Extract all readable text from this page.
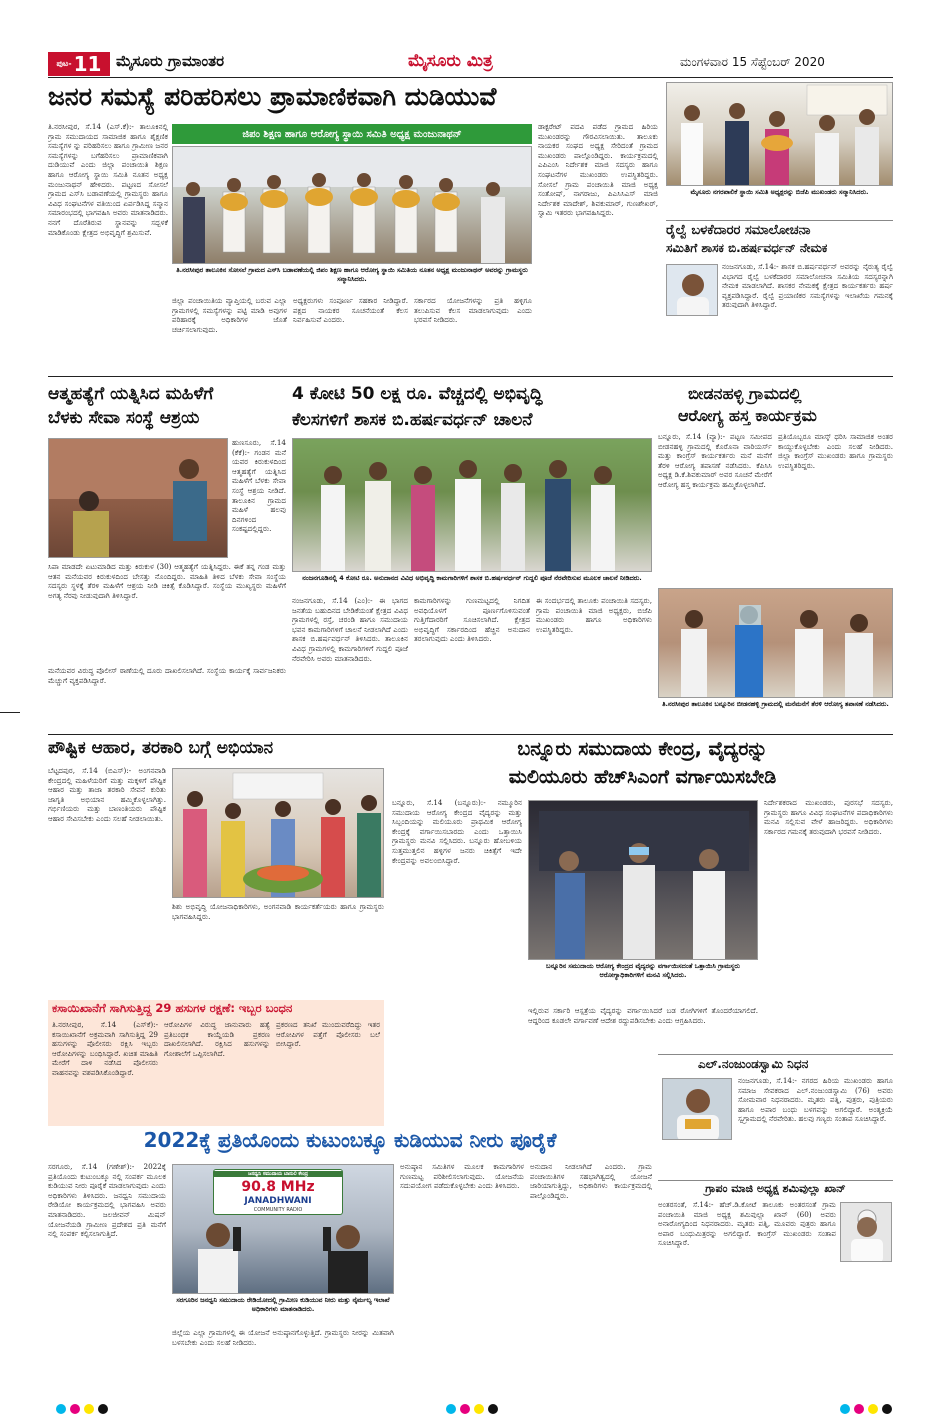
ಪುಟ- 11 ಮೈಸೂರು ಗ್ರಾಮಾಂತರ	ಮೈಸೂರು ಮಿತ್ರ	ಮಂಗಳವಾರ 15 ಸೆಪ್ಟೆಂಬರ್ 2020
ಜನರ ಸಮಸ್ಯೆ ಪರಿಹರಿಸಲು ಪ್ರಾಮಾಣಿಕವಾಗಿ ದುಡಿಯುವೆ
ತಿ.ನರಸೀಪುರ, ಸೆ.14 (ಎಸ್‌.ಕೆ):- ತಾಲೂಕಿನಲ್ಲಿ ಗ್ರಾಮ ಸಮುದಾಯದ ಸಾಮಾಜಿಕ ಹಾಗೂ ಶೈಕ್ಷಣಿಕ ಸಮಸ್ಯೆಗಳ ನ್ನು ಪರಿಹರಿಸಲು ಹಾಗೂ ಗ್ರಾಮೀಣ ಜನರ ಸಮಸ್ಯೆಗಳನ್ನು ಬಗೆಹರಿಸಲು ಪ್ರಾಮಾಣಿಕವಾಗಿ ದುಡಿಯುವೆ ಎಂದು ಜಿಲ್ಲಾ ಪಂಚಾಯಿತಿ ಶಿಕ್ಷಣ ಹಾಗೂ ಆರೋಗ್ಯ ಸ್ಥಾಯಿ ಸಮಿತಿ ನೂತನ ಅಧ್ಯಕ್ಷ ಮಂಜುನಾಥನ್ ಹೇಳಿದರು. ಪಟ್ಟಣದ ಸೋಸಲೆ ಗ್ರಾಮದ ಎಸ್‌ಸಿ ಬಡಾವಣೆಯಲ್ಲಿ ಗ್ರಾಮಸ್ಥರು ಹಾಗೂ ವಿವಿಧ ಸಂಘಟನೆಗಳ ವತಿಯಿಂದ ಏರ್ಪಡಿಸಿದ್ದ ಸನ್ಮಾನ ಸಮಾರಂಭದಲ್ಲಿ ಭಾಗವಹಿಸಿ ಅವರು ಮಾತನಾಡಿದರು. ನನಗೆ ದೊರೆತಿರುವ ಸ್ಥಾನವನ್ನು ಸದ್ಬಳಕೆ ಮಾಡಿಕೊಂಡು ಕ್ಷೇತ್ರದ ಅಭಿವೃದ್ಧಿಗೆ ಶ್ರಮಿಸುವೆ.
ಜಿಪಂ ಶಿಕ್ಷಣ ಹಾಗೂ ಆರೋಗ್ಯ ಸ್ಥಾಯಿ ಸಮಿತಿ ಅಧ್ಯಕ್ಷ ಮಂಜುನಾಥನ್
ತಿ.ನರಸೀಪುರ ತಾಲೂಕಿನ ಸೋಸಲೆ ಗ್ರಾಮದ ಎಸ್‌ಸಿ ಬಡಾವಣೆಯಲ್ಲಿ ಜಿಪಂ ಶಿಕ್ಷಣ ಹಾಗೂ ಆರೋಗ್ಯ ಸ್ಥಾಯಿ ಸಮಿತಿಯ ನೂತನ ಅಧ್ಯಕ್ಷ ಮಂಜುನಾಥನ್ ಅವರನ್ನು ಗ್ರಾಮಸ್ಥರು ಸನ್ಮಾನಿಸಿದರು.
ಜಿಲ್ಲಾ ಪಂಚಾಯಿತಿಯ ವ್ಯಾಪ್ತಿಯಲ್ಲಿ ಬರುವ ಎಲ್ಲಾ ಗ್ರಾಮಗಳಲ್ಲಿ ಸಮಸ್ಯೆಗಳನ್ನು ಪಟ್ಟಿ ಮಾಡಿ ಅವುಗಳ ಪರಿಹಾರಕ್ಕೆ ಅಧಿಕಾರಿಗಳ ಜೊತೆ ಚರ್ಚಿಸಲಾಗುವುದು.
ಅಧ್ಯಕ್ಷರುಗಳು ಸಂಪೂರ್ಣ ಸಹಕಾರ ನೀಡಿದ್ದಾರೆ. ಪಕ್ಷದ ನಾಯಕರ ಸೂಚನೆಯಂತೆ ಕೆಲಸ ನಿರ್ವಹಿಸುವೆ ಎಂದರು.
ಸರ್ಕಾರದ ಯೋಜನೆಗಳನ್ನು ಪ್ರತಿ ಹಳ್ಳಿಗೂ ತಲುಪಿಸುವ ಕೆಲಸ ಮಾಡಲಾಗುವುದು ಎಂದು ಭರವಸೆ ನೀಡಿದರು.
ಡಾಕ್ಟರೇಟ್ ಪದವಿ ಪಡೆದ ಗ್ರಾಮದ ಹಿರಿಯ ಮುಖಂಡರನ್ನು ಗೌರವಿಸಲಾಯಿತು. ತಾಲೂಕು ನಾಯಕರ ಸಂಘದ ಅಧ್ಯಕ್ಷ ಸೇರಿದಂತೆ ಗ್ರಾಮದ ಮುಖಂಡರು ಪಾಲ್ಗೊಂಡಿದ್ದರು. ಕಾರ್ಯಕ್ರಮದಲ್ಲಿ ಎಪಿಎಂಸಿ ನಿರ್ದೇಶಕ ಮಾಜಿ ಸದಸ್ಯರು ಹಾಗೂ ಸಂಘಟನೆಗಳ ಮುಖಂಡರು ಉಪಸ್ಥಿತರಿದ್ದರು. ಸೋಸಲೆ ಗ್ರಾಮ ಪಂಚಾಯಿತಿ ಮಾಜಿ ಅಧ್ಯಕ್ಷ ಸಂತೋಷ್, ನಾಗರಾಜು, ಪಿಎಸಿಸಿಎಸ್ ಮಾಜಿ ನಿರ್ದೇಶಕ ಮಾದೇಶ್, ಶಿವಕುಮಾರ್, ಗುಣಶೇಖರ್, ಸ್ವಾಮಿ ಇತರರು ಭಾಗವಹಿಸಿದ್ದರು.
ಮೈಸೂರು ನಗರಪಾಲಿಕೆ ಸ್ಥಾಯಿ ಸಮಿತಿ ಅಧ್ಯಕ್ಷರನ್ನು ಬಿಜೆಪಿ ಮುಖಂಡರು ಸನ್ಮಾನಿಸಿದರು.
ರೈಲ್ವೆ ಬಳಕೆದಾರರ ಸಮಾಲೋಚನಾ
ಸಮಿತಿಗೆ ಶಾಸಕ ಬಿ.ಹರ್ಷವರ್ಧನ್ ನೇಮಕ
ನಂಜನಗೂಡು, ಸೆ.14:- ಶಾಸಕ ಬಿ.ಹರ್ಷವರ್ಧನ್ ಅವರನ್ನು ನೈರುತ್ಯ ರೈಲ್ವೆ ವಿಭಾಗದ ರೈಲ್ವೆ ಬಳಕೆದಾರರ ಸಮಾಲೋಚನಾ ಸಮಿತಿಯ ಸದಸ್ಯರನ್ನಾಗಿ ನೇಮಕ ಮಾಡಲಾಗಿದೆ. ಶಾಸಕರ ನೇಮಕಕ್ಕೆ ಕ್ಷೇತ್ರದ ಕಾರ್ಯಕರ್ತರು ಹರ್ಷ ವ್ಯಕ್ತಪಡಿಸಿದ್ದಾರೆ. ರೈಲ್ವೆ ಪ್ರಯಾಣಿಕರ ಸಮಸ್ಯೆಗಳನ್ನು ಇಲಾಖೆಯ ಗಮನಕ್ಕೆ ತರುವುದಾಗಿ ತಿಳಿಸಿದ್ದಾರೆ.
ಆತ್ಮಹತ್ಯೆಗೆ ಯತ್ನಿಸಿದ ಮಹಿಳೆಗೆ
ಬೆಳಕು ಸೇವಾ ಸಂಸ್ಥೆ ಆಶ್ರಯ
ಹುಣಸೂರು, ಸೆ.14 (ಕೆಕೆ):- ಗಂಡನ ಮನೆ ಯವರ ಕಿರುಕುಳದಿಂದ ಆತ್ಮಹತ್ಯೆಗೆ ಯತ್ನಿಸಿದ ಮಹಿಳೆಗೆ ಬೆಳಕು ಸೇವಾ ಸಂಸ್ಥೆ ಆಶ್ರಯ ನೀಡಿದೆ. ತಾಲೂಕಿನ ಗ್ರಾಮದ ಮಹಿಳೆ ಹಲವು ದಿನಗಳಿಂದ ಸಂಕಷ್ಟದಲ್ಲಿದ್ದರು.
ಸಿಪಾ ಮಾಡದೇ ಏಟುಮಾಡಿದ ಮತ್ತು ಕಿರುಕುಳ (30) ಆತ್ಮಹತ್ಯೆಗೆ ಯತ್ನಿಸಿದ್ದರು. ಈಕೆ ತನ್ನ ಗಂಡ ಮತ್ತು ಆತನ ಮನೆಯವರ ಕಿರುಕುಳದಿಂದ ಬೇಸತ್ತು ನೊಂದಿದ್ದರು. ಮಾಹಿತಿ ತಿಳಿದ ಬೆಳಕು ಸೇವಾ ಸಂಸ್ಥೆಯ ಸದಸ್ಯರು ಸ್ಥಳಕ್ಕೆ ತೆರಳಿ ಮಹಿಳೆಗೆ ಆಶ್ರಯ ನೀಡಿ ಚಿಕಿತ್ಸೆ ಕೊಡಿಸಿದ್ದಾರೆ. ಸಂಸ್ಥೆಯ ಮುಖ್ಯಸ್ಥರು ಮಹಿಳೆಗೆ ಅಗತ್ಯ ನೆರವು ನೀಡುವುದಾಗಿ ತಿಳಿಸಿದ್ದಾರೆ.
ಮನೆಯವರ ವಿರುದ್ಧ ಪೊಲೀಸ್ ಠಾಣೆಯಲ್ಲಿ ದೂರು ದಾಖಲಿಸಲಾಗಿದೆ. ಸಂಸ್ಥೆಯ ಕಾರ್ಯಕ್ಕೆ ಸಾರ್ವಜನಿಕರು ಮೆಚ್ಚುಗೆ ವ್ಯಕ್ತಪಡಿಸಿದ್ದಾರೆ.
4 ಕೋಟಿ 50 ಲಕ್ಷ ರೂ. ವೆಚ್ಚದಲ್ಲಿ ಅಭಿವೃದ್ಧಿ
ಕೆಲಸಗಳಿಗೆ ಶಾಸಕ ಬಿ.ಹರ್ಷವರ್ಧನ್ ಚಾಲನೆ
ನಂಜನಗೂಡಿನಲ್ಲಿ 4 ಕೋಟಿ ರೂ. ಅನುದಾನದ ವಿವಿಧ ಅಭಿವೃದ್ಧಿ ಕಾಮಗಾರಿಗಳಿಗೆ ಶಾಸಕ ಬಿ.ಹರ್ಷವರ್ಧನ್ ಗುದ್ದಲಿ ಪೂಜೆ ನೆರವೇರಿಸುವ ಮೂಲಕ ಚಾಲನೆ ನೀಡಿದರು.
ನಂಜನಗೂಡು, ಸೆ.14 (ಎಂ):- ಈ ಭಾಗದ ಜನತೆಯ ಬಹುದಿನದ ಬೇಡಿಕೆಯಂತೆ ಕ್ಷೇತ್ರದ ವಿವಿಧ ಗ್ರಾಮಗಳಲ್ಲಿ ರಸ್ತೆ, ಚರಂಡಿ ಹಾಗೂ ಸಮುದಾಯ ಭವನ ಕಾಮಗಾರಿಗಳಿಗೆ ಚಾಲನೆ ನೀಡಲಾಗಿದೆ ಎಂದು ಶಾಸಕ ಬಿ.ಹರ್ಷವರ್ಧನ್ ತಿಳಿಸಿದರು. ತಾಲೂಕಿನ ವಿವಿಧ ಗ್ರಾಮಗಳಲ್ಲಿ ಕಾಮಗಾರಿಗಳಿಗೆ ಗುದ್ದಲಿ ಪೂಜೆ ನೆರವೇರಿಸಿ ಅವರು ಮಾತನಾಡಿದರು.
ಕಾಮಗಾರಿಗಳನ್ನು ಗುಣಮಟ್ಟದಲ್ಲಿ ನಿಗದಿತ ಅವಧಿಯೊಳಗೆ ಪೂರ್ಣಗೊಳಿಸುವಂತೆ ಗುತ್ತಿಗೆದಾರರಿಗೆ ಸೂಚಿಸಲಾಗಿದೆ. ಕ್ಷೇತ್ರದ ಅಭಿವೃದ್ಧಿಗೆ ಸರ್ಕಾರದಿಂದ ಹೆಚ್ಚಿನ ಅನುದಾನ ತರಲಾಗುವುದು ಎಂದು ತಿಳಿಸಿದರು.
ಈ ಸಂದರ್ಭದಲ್ಲಿ ತಾಲೂಕು ಪಂಚಾಯಿತಿ ಸದಸ್ಯರು, ಗ್ರಾಮ ಪಂಚಾಯಿತಿ ಮಾಜಿ ಅಧ್ಯಕ್ಷರು, ಬಿಜೆಪಿ ಮುಖಂಡರು ಹಾಗೂ ಅಧಿಕಾರಿಗಳು ಉಪಸ್ಥಿತರಿದ್ದರು.
ಬೀಡನಹಳ್ಳಿ ಗ್ರಾಮದಲ್ಲಿ
ಆರೋಗ್ಯ ಹಸ್ತ ಕಾರ್ಯಕ್ರಮ
ಬನ್ನೂರು, ಸೆ.14 (ವ್ಯಾ):- ಪಟ್ಟಣ ಸಮೀಪದ ಬೀಡನಹಳ್ಳಿ ಗ್ರಾಮದಲ್ಲಿ ಕೊರೊನಾ ವಾರಿಯರ್ಸ್ ಮತ್ತು ಕಾಂಗ್ರೆಸ್ ಕಾರ್ಯಕರ್ತರು ಮನೆ ಮನೆಗೆ ತೆರಳಿ ಆರೋಗ್ಯ ತಪಾಸಣೆ ನಡೆಸಿದರು. ಕೆಪಿಸಿಸಿ ಅಧ್ಯಕ್ಷ ಡಿ.ಕೆ.ಶಿವಕುಮಾರ್ ಅವರ ಸೂಚನೆ ಮೇರೆಗೆ ಆರೋಗ್ಯ ಹಸ್ತ ಕಾರ್ಯಕ್ರಮ ಹಮ್ಮಿಕೊಳ್ಳಲಾಗಿದೆ.
ಪ್ರತಿಯೊಬ್ಬರೂ ಮಾಸ್ಕ್ ಧರಿಸಿ ಸಾಮಾಜಿಕ ಅಂತರ ಕಾಯ್ದುಕೊಳ್ಳಬೇಕು ಎಂದು ಸಲಹೆ ನೀಡಿದರು. ಜಿಲ್ಲಾ ಕಾಂಗ್ರೆಸ್ ಮುಖಂಡರು ಹಾಗೂ ಗ್ರಾಮಸ್ಥರು ಉಪಸ್ಥಿತರಿದ್ದರು.
ತಿ.ನರಸೀಪುರ ತಾಲೂಕಿನ ಬನ್ನೂರಿನ ಬೀಡನಹಳ್ಳಿ ಗ್ರಾಮದಲ್ಲಿ ಮನೆಮನೆಗೆ ತೆರಳಿ ಆರೋಗ್ಯ ತಪಾಸಣೆ ನಡೆಸಿದರು.
ಪೌಷ್ಟಿಕ ಆಹಾರ, ತರಕಾರಿ ಬಗ್ಗೆ ಅಭಿಯಾನ
ಬೆಟ್ಟದಪುರ, ಸೆ.14 (ಬಿಎಸ್):- ಅಂಗನವಾಡಿ ಕೇಂದ್ರದಲ್ಲಿ ಮಹಿಳೆಯರಿಗೆ ಮತ್ತು ಮಕ್ಕಳಿಗೆ ಪೌಷ್ಟಿಕ ಆಹಾರ ಮತ್ತು ತಾಜಾ ತರಕಾರಿ ಸೇವನೆ ಕುರಿತು ಜಾಗೃತಿ ಅಭಿಯಾನ ಹಮ್ಮಿಕೊಳ್ಳಲಾಗಿತ್ತು. ಗರ್ಭಿಣಿಯರು ಮತ್ತು ಬಾಣಂತಿಯರು ಪೌಷ್ಟಿಕ ಆಹಾರ ಸೇವಿಸಬೇಕು ಎಂದು ಸಲಹೆ ನೀಡಲಾಯಿತು.
ಶಿಶು ಅಭಿವೃದ್ಧಿ ಯೋಜನಾಧಿಕಾರಿಗಳು, ಅಂಗನವಾಡಿ ಕಾರ್ಯಕರ್ತೆಯರು ಹಾಗೂ ಗ್ರಾಮಸ್ಥರು ಭಾಗವಹಿಸಿದ್ದರು.
ಕಸಾಯಿಖಾನೆಗೆ ಸಾಗಿಸುತ್ತಿದ್ದ 29 ಹಸುಗಳ ರಕ್ಷಣೆ: ಇಬ್ಬರ ಬಂಧನ
ತಿ.ನರಸೀಪುರ, ಸೆ.14 (ಎಸ್‌ಕೆ):- ಕಸಾಯಿಖಾನೆಗೆ ಅಕ್ರಮವಾಗಿ ಸಾಗಿಸುತ್ತಿದ್ದ 29 ಹಸುಗಳನ್ನು ಪೊಲೀಸರು ರಕ್ಷಿಸಿ ಇಬ್ಬರು ಆರೋಪಿಗಳನ್ನು ಬಂಧಿಸಿದ್ದಾರೆ. ಖಚಿತ ಮಾಹಿತಿ ಮೇರೆಗೆ ದಾಳಿ ನಡೆಸಿದ ಪೊಲೀಸರು ವಾಹನವನ್ನು ವಶಪಡಿಸಿಕೊಂಡಿದ್ದಾರೆ.
ಆರೋಪಿಗಳ ವಿರುದ್ಧ ಜಾನುವಾರು ಹತ್ಯೆ ಪ್ರತಿಬಂಧಕ ಕಾಯ್ದೆಯಡಿ ಪ್ರಕರಣ ದಾಖಲಿಸಲಾಗಿದೆ. ರಕ್ಷಿಸಿದ ಹಸುಗಳನ್ನು ಗೋಶಾಲೆಗೆ ಒಪ್ಪಿಸಲಾಗಿದೆ.
ಪ್ರಕರಣದ ತನಿಖೆ ಮುಂದುವರೆದಿದ್ದು ಇತರ ಆರೋಪಿಗಳ ಪತ್ತೆಗೆ ಪೊಲೀಸರು ಬಲೆ ಬೀಸಿದ್ದಾರೆ.
ಬನ್ನೂರು ಸಮುದಾಯ ಕೇಂದ್ರ, ವೈದ್ಯರನ್ನು
ಮಲಿಯೂರು ಹೆಚ್‌ಸಿಎಂಗೆ ವರ್ಗಾಯಿಸಬೇಡಿ
ಬನ್ನೂರು, ಸೆ.14 (ಬನ್ನೂರು):- ನಮ್ಮೂರಿನ ಸಮುದಾಯ ಆರೋಗ್ಯ ಕೇಂದ್ರದ ವೈದ್ಯರನ್ನು ಮತ್ತು ಸಿಬ್ಬಂದಿಯನ್ನು ಮಲಿಯೂರು ಪ್ರಾಥಮಿಕ ಆರೋಗ್ಯ ಕೇಂದ್ರಕ್ಕೆ ವರ್ಗಾಯಿಸಬಾರದು ಎಂದು ಒತ್ತಾಯಿಸಿ ಗ್ರಾಮಸ್ಥರು ಮನವಿ ಸಲ್ಲಿಸಿದರು. ಬನ್ನೂರು ಹೋಬಳಿಯ ಸುತ್ತಮುತ್ತಲಿನ ಹಳ್ಳಿಗಳ ಜನರು ಚಿಕಿತ್ಸೆಗೆ ಇದೇ ಕೇಂದ್ರವನ್ನು ಅವಲಂಬಿಸಿದ್ದಾರೆ.
ಬನ್ನೂರಿನ ಸಮುದಾಯ ಆರೋಗ್ಯ ಕೇಂದ್ರದ ವೈದ್ಯರನ್ನು ವರ್ಗಾಯಿಸದಂತೆ ಒತ್ತಾಯಿಸಿ ಗ್ರಾಮಸ್ಥರು ಆರೋಗ್ಯಾಧಿಕಾರಿಗಳಿಗೆ ಮನವಿ ಸಲ್ಲಿಸಿದರು.
ಇಲ್ಲಿರುವ ಸರ್ಕಾರಿ ಆಸ್ಪತ್ರೆಯ ವೈದ್ಯರನ್ನು ವರ್ಗಾಯಿಸಿದರೆ ಬಡ ರೋಗಿಗಳಿಗೆ ತೊಂದರೆಯಾಗಲಿದೆ. ಆದ್ದರಿಂದ ಕೂಡಲೇ ವರ್ಗಾವಣೆ ಆದೇಶ ರದ್ದುಪಡಿಸಬೇಕು ಎಂದು ಆಗ್ರಹಿಸಿದರು.
ನಿರ್ದೇಶಕರಾದ ಮುಖಂಡರು, ಪುರಸಭೆ ಸದಸ್ಯರು, ಗ್ರಾಮಸ್ಥರು ಹಾಗೂ ವಿವಿಧ ಸಂಘಟನೆಗಳ ಪದಾಧಿಕಾರಿಗಳು ಮನವಿ ಸಲ್ಲಿಸುವ ವೇಳೆ ಹಾಜರಿದ್ದರು. ಅಧಿಕಾರಿಗಳು ಸರ್ಕಾರದ ಗಮನಕ್ಕೆ ತರುವುದಾಗಿ ಭರವಸೆ ನೀಡಿದರು.
ಎಲ್.ನಂಜುಂಡಸ್ವಾಮಿ ನಿಧನ
ನಂಜನಗೂಡು, ಸೆ.14:- ನಗರದ ಹಿರಿಯ ಮುಖಂಡರು ಹಾಗೂ ಸಮಾಜ ಸೇವಕರಾದ ಎಲ್.ನಂಜುಂಡಸ್ವಾಮಿ (76) ಅವರು ಸೋಮವಾರ ನಿಧನರಾದರು. ಮೃತರು ಪತ್ನಿ, ಪುತ್ರರು, ಪುತ್ರಿಯರು ಹಾಗೂ ಅಪಾರ ಬಂಧು ಬಳಗವನ್ನು ಅಗಲಿದ್ದಾರೆ. ಅಂತ್ಯಕ್ರಿಯೆ ಸ್ವಗ್ರಾಮದಲ್ಲಿ ನೆರವೇರಿತು. ಹಲವು ಗಣ್ಯರು ಸಂತಾಪ ಸೂಚಿಸಿದ್ದಾರೆ.
ಗ್ರಾಪಂ ಮಾಜಿ ಅಧ್ಯಕ್ಷ ಶಮಿವುಲ್ಲಾ ಖಾನ್
ಅಂತರಸಂತೆ, ಸೆ.14:- ಹೆಚ್.ಡಿ.ಕೋಟೆ ತಾಲೂಕು ಅಂತರಸಂತೆ ಗ್ರಾಮ ಪಂಚಾಯಿತಿ ಮಾಜಿ ಅಧ್ಯಕ್ಷ ಶಮಿವುಲ್ಲಾ ಖಾನ್ (60) ಅವರು ಅನಾರೋಗ್ಯದಿಂದ ನಿಧನರಾದರು. ಮೃತರು ಪತ್ನಿ, ಮೂವರು ಪುತ್ರರು ಹಾಗೂ ಅಪಾರ ಬಂಧುಮಿತ್ರರನ್ನು ಅಗಲಿದ್ದಾರೆ. ಕಾಂಗ್ರೆಸ್ ಮುಖಂಡರು ಸಂತಾಪ ಸೂಚಿಸಿದ್ದಾರೆ.
2022ಕ್ಕೆ ಪ್ರತಿಯೊಂದು ಕುಟುಂಬಕ್ಕೂ ಕುಡಿಯುವ ನೀರು ಪೂರೈಕೆ
ಸರಗೂರು, ಸೆ.14 (ಗಣೇಶ್):- 2022ಕ್ಕೆ ಪ್ರತಿಯೊಂದು ಕುಟುಂಬಕ್ಕೂ ನಲ್ಲಿ ಸಂಪರ್ಕ ಮೂಲಕ ಕುಡಿಯುವ ನೀರು ಪೂರೈಕೆ ಮಾಡಲಾಗುವುದು ಎಂದು ಅಧಿಕಾರಿಗಳು ತಿಳಿಸಿದರು. ಜನಧ್ವನಿ ಸಮುದಾಯ ರೇಡಿಯೋ ಕಾರ್ಯಕ್ರಮದಲ್ಲಿ ಭಾಗವಹಿಸಿ ಅವರು ಮಾತನಾಡಿದರು. ಜಲಜೀವನ್ ಮಿಷನ್ ಯೋಜನೆಯಡಿ ಗ್ರಾಮೀಣ ಪ್ರದೇಶದ ಪ್ರತಿ ಮನೆಗೆ ನಲ್ಲಿ ಸಂಪರ್ಕ ಕಲ್ಪಿಸಲಾಗುತ್ತಿದೆ.
ಜನಧ್ವನಿ ಸಮುದಾಯ ಬಾನುಲಿ ಕೇಂದ್ರ
90.8 MHz
JANADHWANI
COMMUNITY RADIO
ಸರಗೂರಿನ ಜನಧ್ವನಿ ಸಮುದಾಯ ರೇಡಿಯೋದಲ್ಲಿ ಗ್ರಾಮೀಣ ಕುಡಿಯುವ ನೀರು ಮತ್ತು ನೈರ್ಮಲ್ಯ ಇಲಾಖೆ ಅಧಿಕಾರಿಗಳು ಮಾತನಾಡಿದರು.
ಜಿಲ್ಲೆಯ ಎಲ್ಲಾ ಗ್ರಾಮಗಳಲ್ಲಿ ಈ ಯೋಜನೆ ಅನುಷ್ಠಾನಗೊಳ್ಳುತ್ತಿದೆ. ಗ್ರಾಮಸ್ಥರು ನೀರನ್ನು ಮಿತವಾಗಿ ಬಳಸಬೇಕು ಎಂದು ಸಲಹೆ ನೀಡಿದರು.
ಅನುಷ್ಠಾನ ಸಮಿತಿಗಳ ಮೂಲಕ ಕಾಮಗಾರಿಗಳ ಗುಣಮಟ್ಟ ಪರಿಶೀಲಿಸಲಾಗುವುದು. ಯೋಜನೆಯ ಸದುಪಯೋಗ ಪಡೆದುಕೊಳ್ಳಬೇಕು ಎಂದು ತಿಳಿಸಿದರು.
ಅನುದಾನ ನೀಡಲಾಗಿದೆ ಎಂದರು. ಗ್ರಾಮ ಪಂಚಾಯಿತಿಗಳ ಸಹಭಾಗಿತ್ವದಲ್ಲಿ ಯೋಜನೆ ಜಾರಿಯಾಗುತ್ತಿದ್ದು, ಅಧಿಕಾರಿಗಳು ಕಾರ್ಯಕ್ರಮದಲ್ಲಿ ಪಾಲ್ಗೊಂಡಿದ್ದರು.
